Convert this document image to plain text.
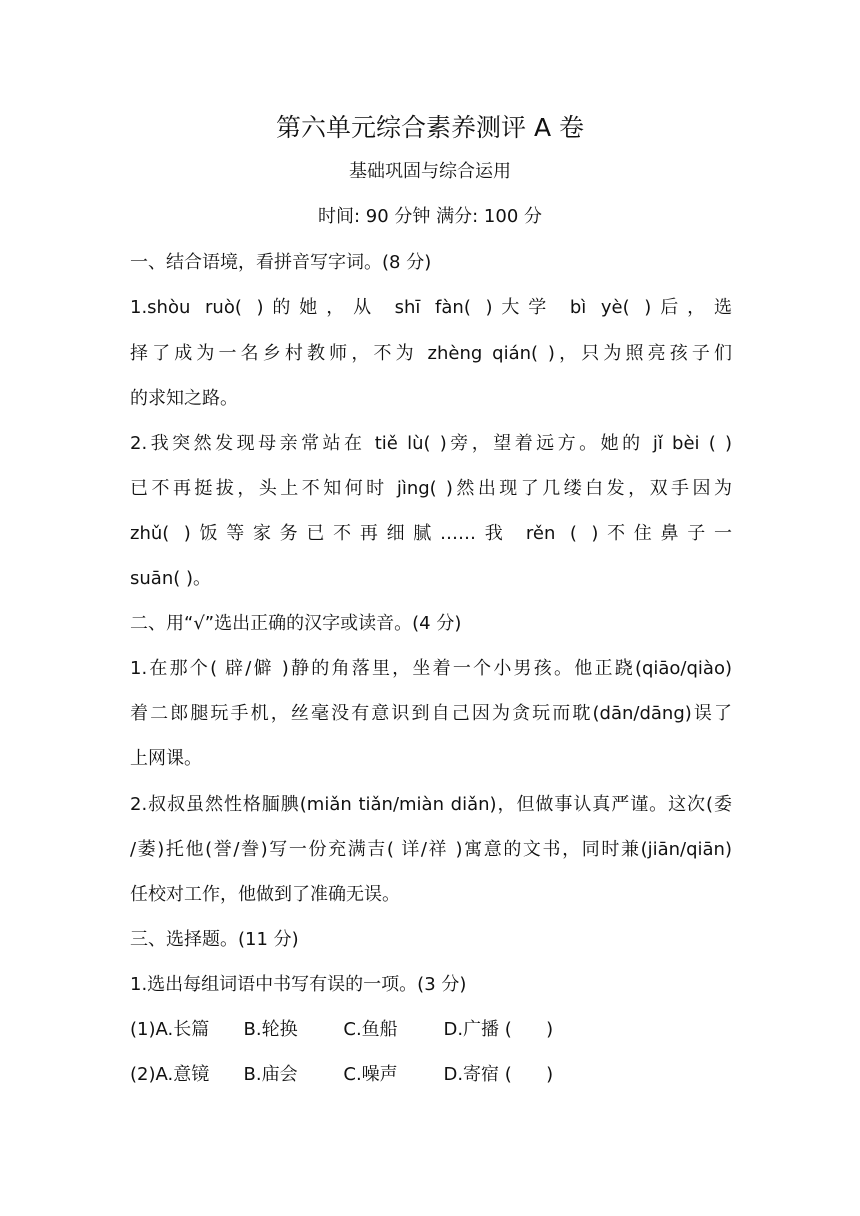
第六单元综合素养测评 A 卷
基础巩固与综合运用
时间: 90 分钟 满分: 100 分
一、结合语境，看拼音写字词。(8 分)
1.shòu ruò( )的她，从 shī fàn( )大学 bì yè( )后，选
择了成为一名乡村教师，不为 zhèng qián( )，只为照亮孩子们
的求知之路。
2.我突然发现母亲常站在 tiě lù( )旁，望着远方。她的 jǐ bèi ( )
已不再挺拔，头上不知何时 jìng( )然出现了几缕白发，双手因为
zhǔ( )饭等家务已不再细腻……我 rěn ( )不住鼻子一
suān( )。
二、用“√”选出正确的汉字或读音。(4 分)
1.在那个( 辟/僻 )静的角落里，坐着一个小男孩。他正跷(qiāo/qiào)
着二郎腿玩手机，丝毫没有意识到自己因为贪玩而耽(dān/dāng)误了
上网课。
2.叔叔虽然性格腼腆(miǎn tiǎn/miàn diǎn)，但做事认真严谨。这次(委
/萎)托他(誉/誊)写一份充满吉( 详/祥 )寓意的文书，同时兼(jiān/qiān)
任校对工作，他做到了准确无误。
三、选择题。(11 分)
1.选出每组词语中书写有误的一项。(3 分)
(1)A.长篇      B.轮换        C.鱼船        D.广播 (      )
(2)A.意镜      B.庙会        C.噪声        D.寄宿 (      )
